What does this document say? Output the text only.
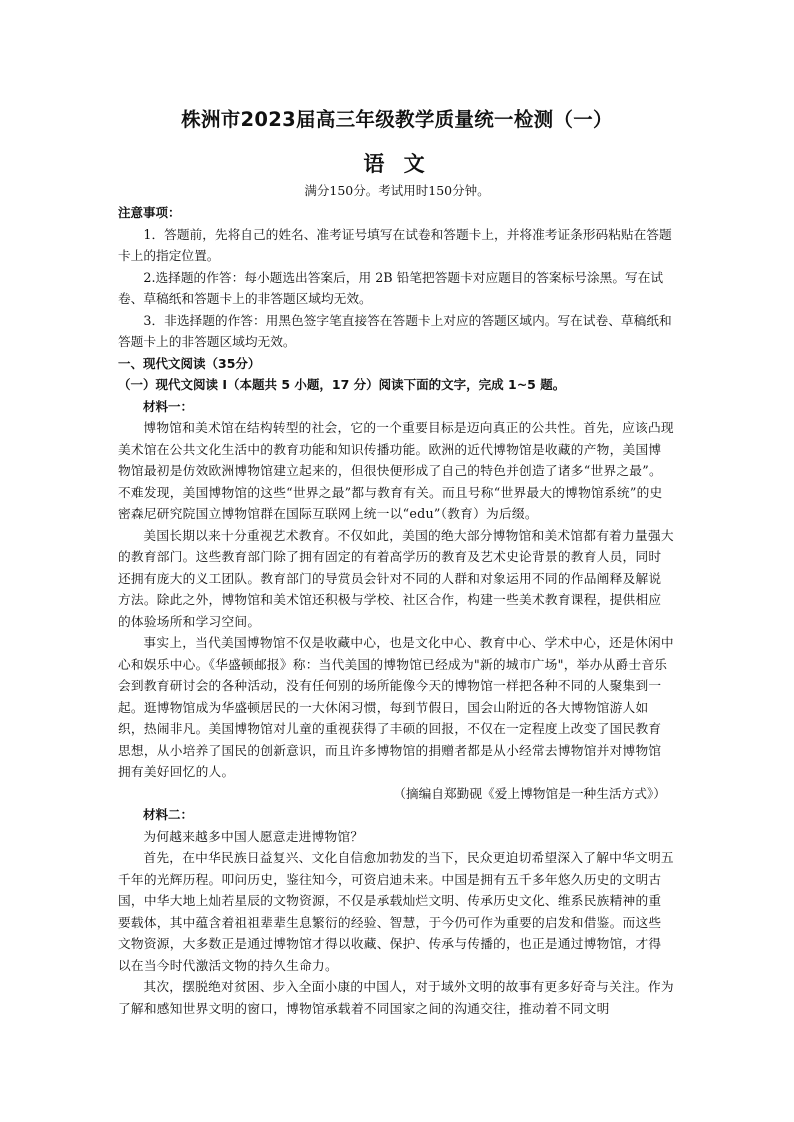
株洲市2023届高三年级教学质量统一检测（一）
语 文
满分150分。考试用时150分钟。

注意事项：

1．答题前，先将自己的姓名、准考证号填写在试卷和答题卡上，并将准考证条形码粘贴在答题卡上的指定位置。

2.选择题的作答：每小题选出答案后，用 2B 铅笔把答题卡对应题目的答案标号涂黑。写在试卷、草稿纸和答题卡上的非答题区域均无效。

3．非选择题的作答：用黑色签字笔直接答在答题卡上对应的答题区域内。写在试卷、草稿纸和答题卡上的非答题区域均无效。

一、现代文阅读（35分）

（一）现代文阅读 I（本题共 5 小题，17 分）阅读下面的文字，完成 1~5 题。

材料一：

博物馆和美术馆在结构转型的社会，它的一个重要目标是迈向真正的公共性。首先，应该凸现美术馆在公共文化生活中的教育功能和知识传播功能。欧洲的近代博物馆是收藏的产物，美国博物馆最初是仿效欧洲博物馆建立起来的，但很快便形成了自己的特色并创造了诸多“世界之最”。不难发现，美国博物馆的这些“世界之最”都与教育有关。而且号称“世界最大的博物馆系统”的史密森尼研究院国立博物馆群在国际互联网上统一以“edu”（教育）为后缀。

美国长期以来十分重视艺术教育。不仅如此，美国的绝大部分博物馆和美术馆都有着力量强大的教育部门。这些教育部门除了拥有固定的有着高学历的教育及艺术史论背景的教育人员，同时还拥有庞大的义工团队。教育部门的导赏员会针对不同的人群和对象运用不同的作品阐释及解说方法。除此之外，博物馆和美术馆还积极与学校、社区合作，构建一些美术教育课程，提供相应的体验场所和学习空间。

事实上，当代美国博物馆不仅是收藏中心，也是文化中心、教育中心、学术中心，还是休闲中心和娱乐中心。《华盛顿邮报》称：当代美国的博物馆已经成为"新的城市广场"，举办从爵士音乐会到教育研讨会的各种活动，没有任何别的场所能像今天的博物馆一样把各种不同的人聚集到一起。逛博物馆成为华盛顿居民的一大休闲习惯，每到节假日，国会山附近的各大博物馆游人如织，热闹非凡。美国博物馆对儿童的重视获得了丰硕的回报，不仅在一定程度上改变了国民教育思想，从小培养了国民的创新意识，而且许多博物馆的捐赠者都是从小经常去博物馆并对博物馆拥有美好回忆的人。

（摘编自郑勤砚《爱上博物馆是一种生活方式》）

材料二：

为何越来越多中国人愿意走进博物馆？

首先，在中华民族日益复兴、文化自信愈加勃发的当下，民众更迫切希望深入了解中华文明五千年的光辉历程。叩问历史，鉴往知今，可资启迪未来。中国是拥有五千多年悠久历史的文明古国，中华大地上灿若星辰的文物资源，不仅是承载灿烂文明、传承历史文化、维系民族精神的重要载体，其中蕴含着祖祖辈辈生息繁衍的经验、智慧，于今仍可作为重要的启发和借鉴。而这些文物资源，大多数正是通过博物馆才得以收藏、保护、传承与传播的，也正是通过博物馆，才得以在当今时代激活文物的持久生命力。

其次，摆脱绝对贫困、步入全面小康的中国人，对于域外文明的故事有更多好奇与关注。作为了解和感知世界文明的窗口，博物馆承载着不同国家之间的沟通交往，推动着不同文明
